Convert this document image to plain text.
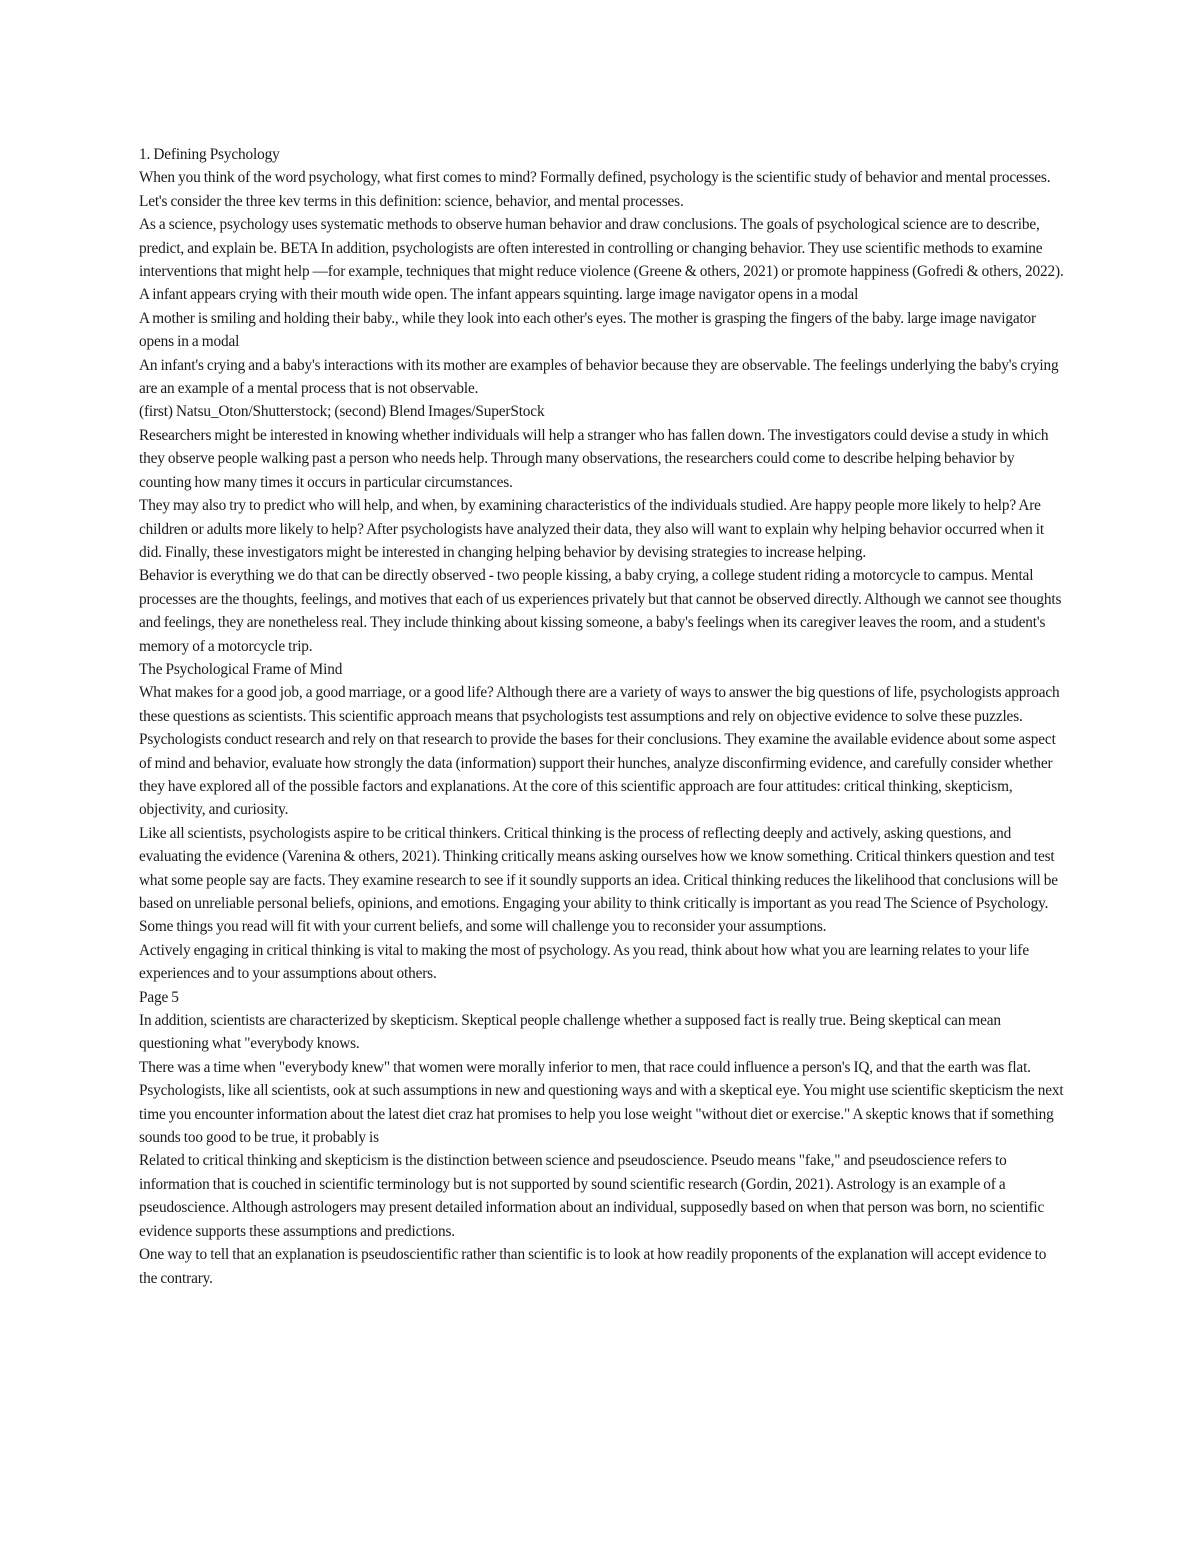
1. Defining Psychology

When you think of the word psychology, what first comes to mind? Formally defined, psychology is the scientific study of behavior and mental processes. Let's consider the three kev terms in this definition: science, behavior, and mental processes.

As a science, psychology uses systematic methods to observe human behavior and draw conclusions. The goals of psychological science are to describe, predict, and explain be. BETA In addition, psychologists are often interested in controlling or changing behavior. They use scientific methods to examine interventions that might help —for example, techniques that might reduce violence (Greene & others, 2021) or promote happiness (Gofredi & others, 2022).

A infant appears crying with their mouth wide open. The infant appears squinting. large image navigator opens in a modal

A mother is smiling and holding their baby., while they look into each other's eyes. The mother is grasping the fingers of the baby. large image navigator opens in a modal

An infant's crying and a baby's interactions with its mother are examples of behavior because they are observable. The feelings underlying the baby's crying are an example of a mental process that is not observable.

(first) Natsu_Oton/Shutterstock; (second) Blend Images/SuperStock

Researchers might be interested in knowing whether individuals will help a stranger who has fallen down. The investigators could devise a study in which they observe people walking past a person who needs help. Through many observations, the researchers could come to describe helping behavior by counting how many times it occurs in particular circumstances.

They may also try to predict who will help, and when, by examining characteristics of the individuals studied. Are happy people more likely to help? Are children or adults more likely to help? After psychologists have analyzed their data, they also will want to explain why helping behavior occurred when it did. Finally, these investigators might be interested in changing helping behavior by devising strategies to increase helping.

Behavior is everything we do that can be directly observed - two people kissing, a baby crying, a college student riding a motorcycle to campus. Mental processes are the thoughts, feelings, and motives that each of us experiences privately but that cannot be observed directly. Although we cannot see thoughts and feelings, they are nonetheless real. They include thinking about kissing someone, a baby's feelings when its caregiver leaves the room, and a student's memory of a motorcycle trip.

The Psychological Frame of Mind

What makes for a good job, a good marriage, or a good life? Although there are a variety of ways to answer the big questions of life, psychologists approach these questions as scientists. This scientific approach means that psychologists test assumptions and rely on objective evidence to solve these puzzles. Psychologists conduct research and rely on that research to provide the bases for their conclusions. They examine the available evidence about some aspect of mind and behavior, evaluate how strongly the data (information) support their hunches, analyze disconfirming evidence, and carefully consider whether they have explored all of the possible factors and explanations. At the core of this scientific approach are four attitudes: critical thinking, skepticism, objectivity, and curiosity.

Like all scientists, psychologists aspire to be critical thinkers. Critical thinking is the process of reflecting deeply and actively, asking questions, and evaluating the evidence (Varenina & others, 2021). Thinking critically means asking ourselves how we know something. Critical thinkers question and test what some people say are facts. They examine research to see if it soundly supports an idea. Critical thinking reduces the likelihood that conclusions will be based on unreliable personal beliefs, opinions, and emotions. Engaging your ability to think critically is important as you read The Science of Psychology. Some things you read will fit with your current beliefs, and some will challenge you to reconsider your assumptions.

Actively engaging in critical thinking is vital to making the most of psychology. As you read, think about how what you are learning relates to your life experiences and to your assumptions about others.

Page 5

In addition, scientists are characterized by skepticism. Skeptical people challenge whether a supposed fact is really true. Being skeptical can mean questioning what "everybody knows.

There was a time when "everybody knew" that women were morally inferior to men, that race could influence a person's IQ, and that the earth was flat. Psychologists, like all scientists, ook at such assumptions in new and questioning ways and with a skeptical eye. You might use scientific skepticism the next time you encounter information about the latest diet craz hat promises to help you lose weight "without diet or exercise." A skeptic knows that if something sounds too good to be true, it probably is

Related to critical thinking and skepticism is the distinction between science and pseudoscience. Pseudo means "fake," and pseudoscience refers to information that is couched in scientific terminology but is not supported by sound scientific research (Gordin, 2021). Astrology is an example of a pseudoscience. Although astrologers may present detailed information about an individual, supposedly based on when that person was born, no scientific evidence supports these assumptions and predictions.

One way to tell that an explanation is pseudoscientific rather than scientific is to look at how readily proponents of the explanation will accept evidence to the contrary.
